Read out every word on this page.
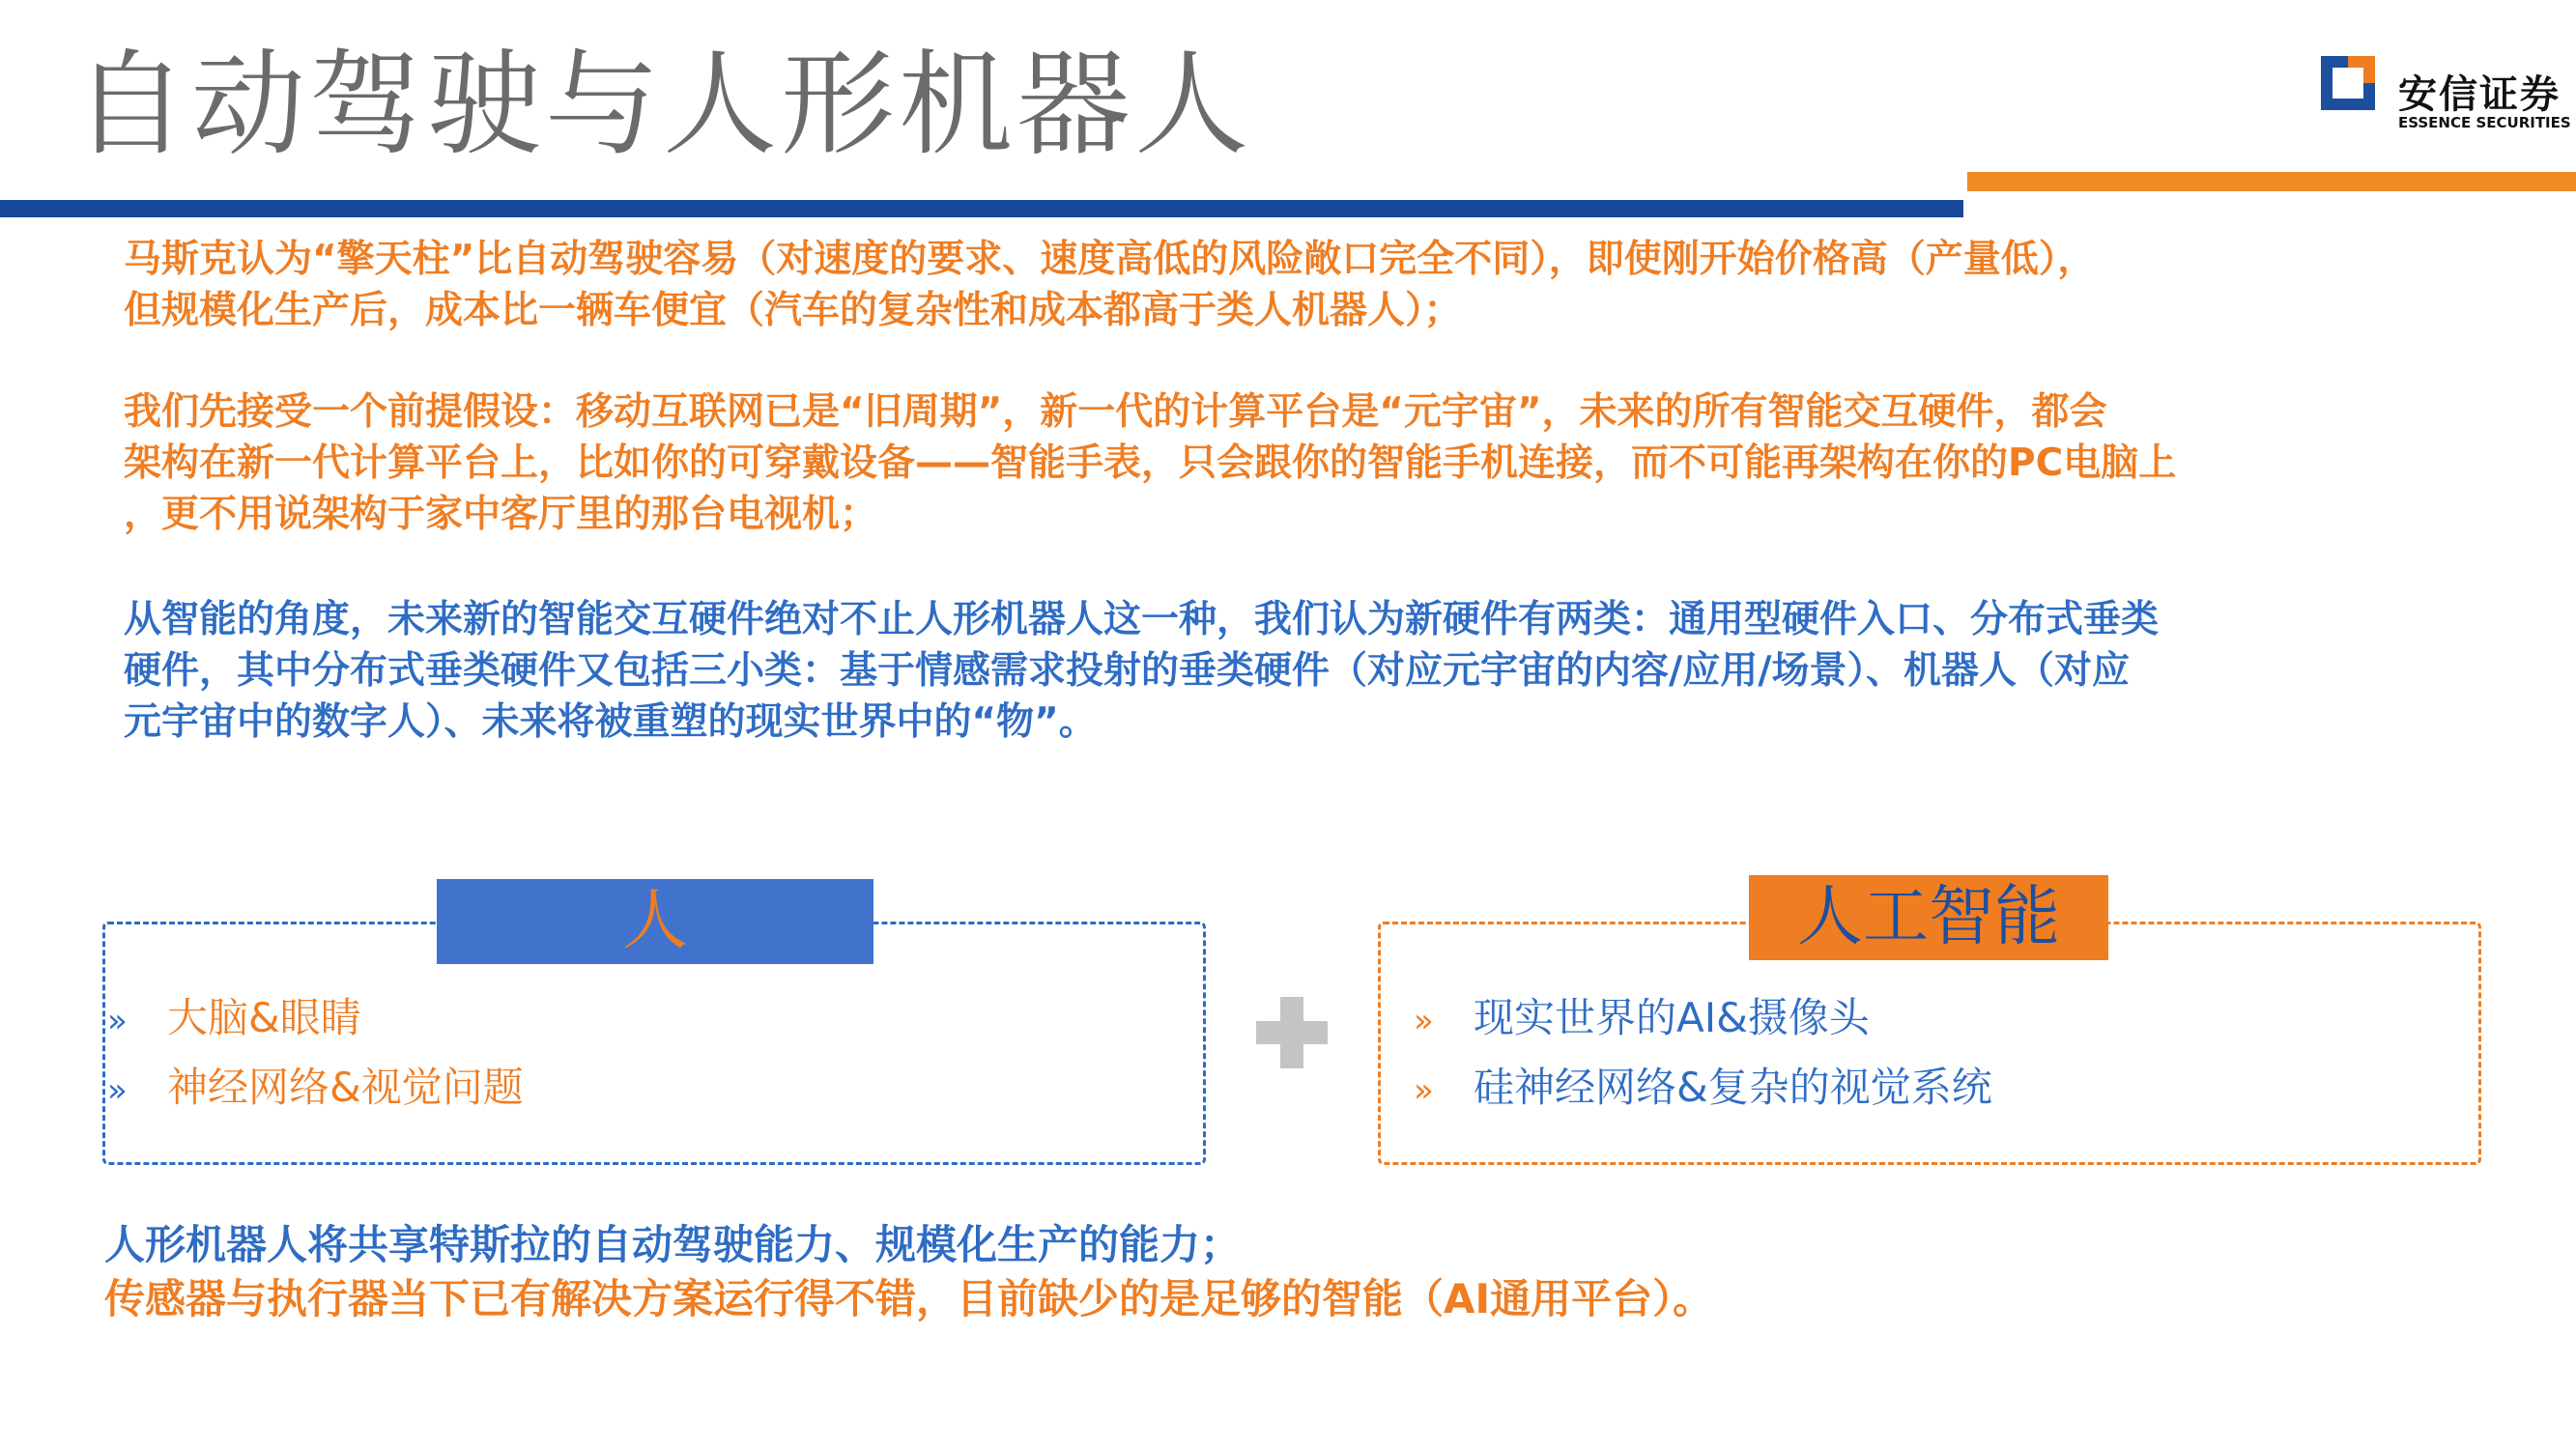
自动驾驶与人形机器人	安信证券
ESSENCE SECURITIES
马斯克认为“擎天柱”比自动驾驶容易（对速度的要求、速度高低的风险敞口完全不同），即使刚开始价格高（产量低），
但规模化生产后，成本比一辆车便宜（汽车的复杂性和成本都高于类人机器人）；
我们先接受一个前提假设：移动互联网已是“旧周期”，新一代的计算平台是“元宇宙”，未来的所有智能交互硬件，都会
架构在新一代计算平台上，比如你的可穿戴设备——智能手表，只会跟你的智能手机连接，而不可能再架构在你的PC电脑上
，更不用说架构于家中客厅里的那台电视机；
从智能的角度，未来新的智能交互硬件绝对不止人形机器人这一种，我们认为新硬件有两类：通用型硬件入口、分布式垂类
硬件，其中分布式垂类硬件又包括三小类：基于情感需求投射的垂类硬件（对应元宇宙的内容/应用/场景）、机器人（对应
元宇宙中的数字人）、未来将被重塑的现实世界中的“物”。
» 大脑&眼睛
» 神经网络&视觉问题
人
» 现实世界的AI&摄像头
» 硅神经网络&复杂的视觉系统
人工智能
人形机器人将共享特斯拉的自动驾驶能力、规模化生产的能力；
传感器与执行器当下已有解决方案运行得不错，目前缺少的是足够的智能（AI通用平台）。
